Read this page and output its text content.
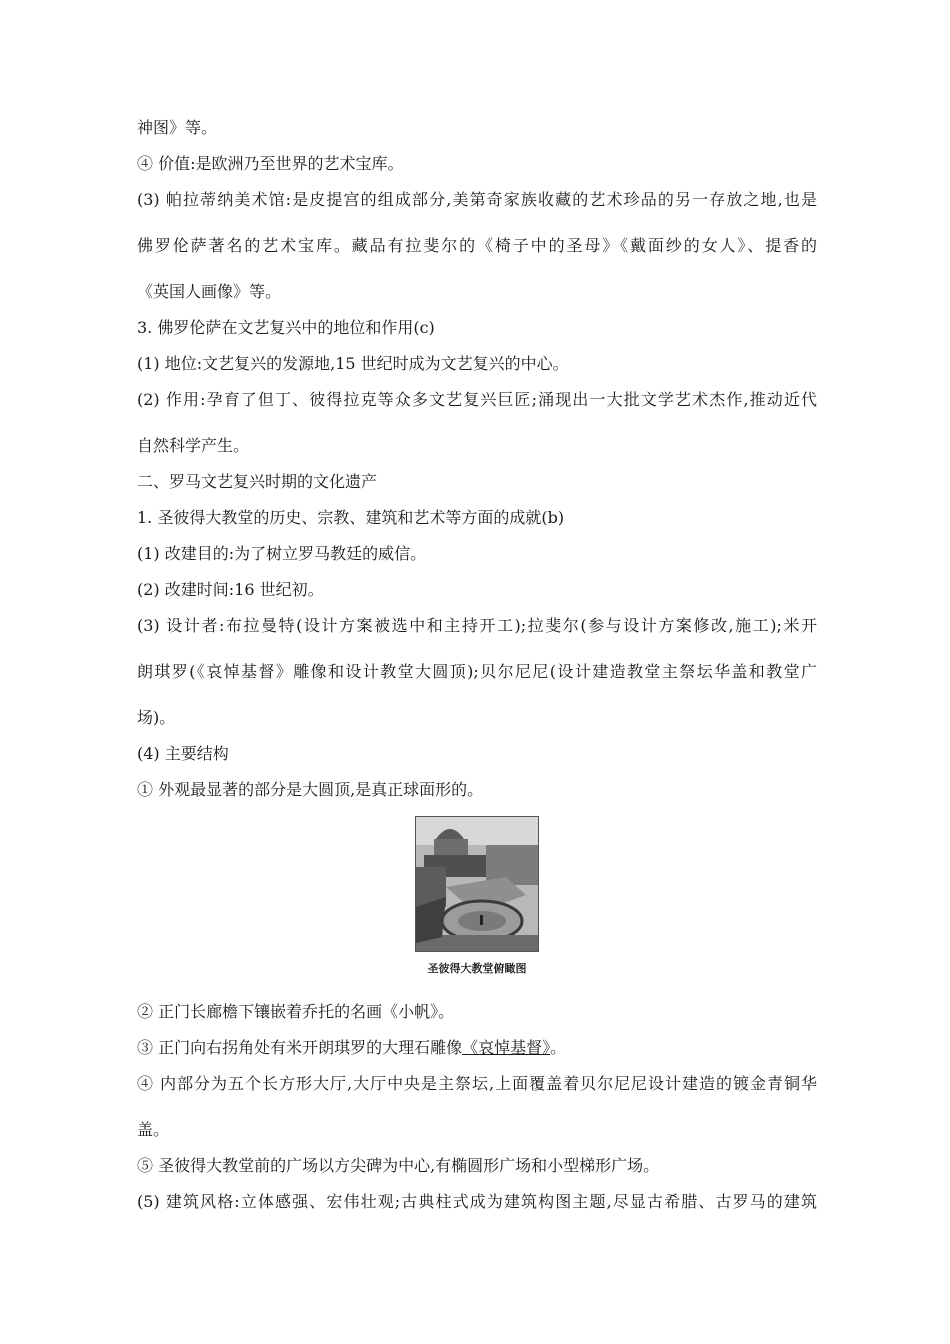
神图》等。

④ 价值:是欧洲乃至世界的艺术宝库。

(3) 帕拉蒂纳美术馆:是皮提宫的组成部分,美第奇家族收藏的艺术珍品的另一存放之地,也是

佛罗伦萨著名的艺术宝库。藏品有拉斐尔的《椅子中的圣母》《戴面纱的女人》、提香的

《英国人画像》等。

3. 佛罗伦萨在文艺复兴中的地位和作用(c)

(1) 地位:文艺复兴的发源地,15 世纪时成为文艺复兴的中心。

(2) 作用:孕育了但丁、彼得拉克等众多文艺复兴巨匠;涌现出一大批文学艺术杰作,推动近代

自然科学产生。

二、罗马文艺复兴时期的文化遗产

1. 圣彼得大教堂的历史、宗教、建筑和艺术等方面的成就(b)

(1) 改建目的:为了树立罗马教廷的威信。

(2) 改建时间:16 世纪初。

(3) 设计者:布拉曼特(设计方案被选中和主持开工);拉斐尔(参与设计方案修改,施工);米开

朗琪罗(《哀悼基督》雕像和设计教堂大圆顶);贝尔尼尼(设计建造教堂主祭坛华盖和教堂广

场)。

(4) 主要结构

① 外观最显著的部分是大圆顶,是真正球面形的。

圣彼得大教堂俯瞰图

② 正门长廊檐下镶嵌着乔托的名画《小帆》。

③ 正门向右拐角处有米开朗琪罗的大理石雕像《哀悼基督》。

④ 内部分为五个长方形大厅,大厅中央是主祭坛,上面覆盖着贝尔尼尼设计建造的镀金青铜华

盖。

⑤ 圣彼得大教堂前的广场以方尖碑为中心,有椭圆形广场和小型梯形广场。

(5) 建筑风格:立体感强、宏伟壮观;古典柱式成为建筑构图主题,尽显古希腊、古罗马的建筑
